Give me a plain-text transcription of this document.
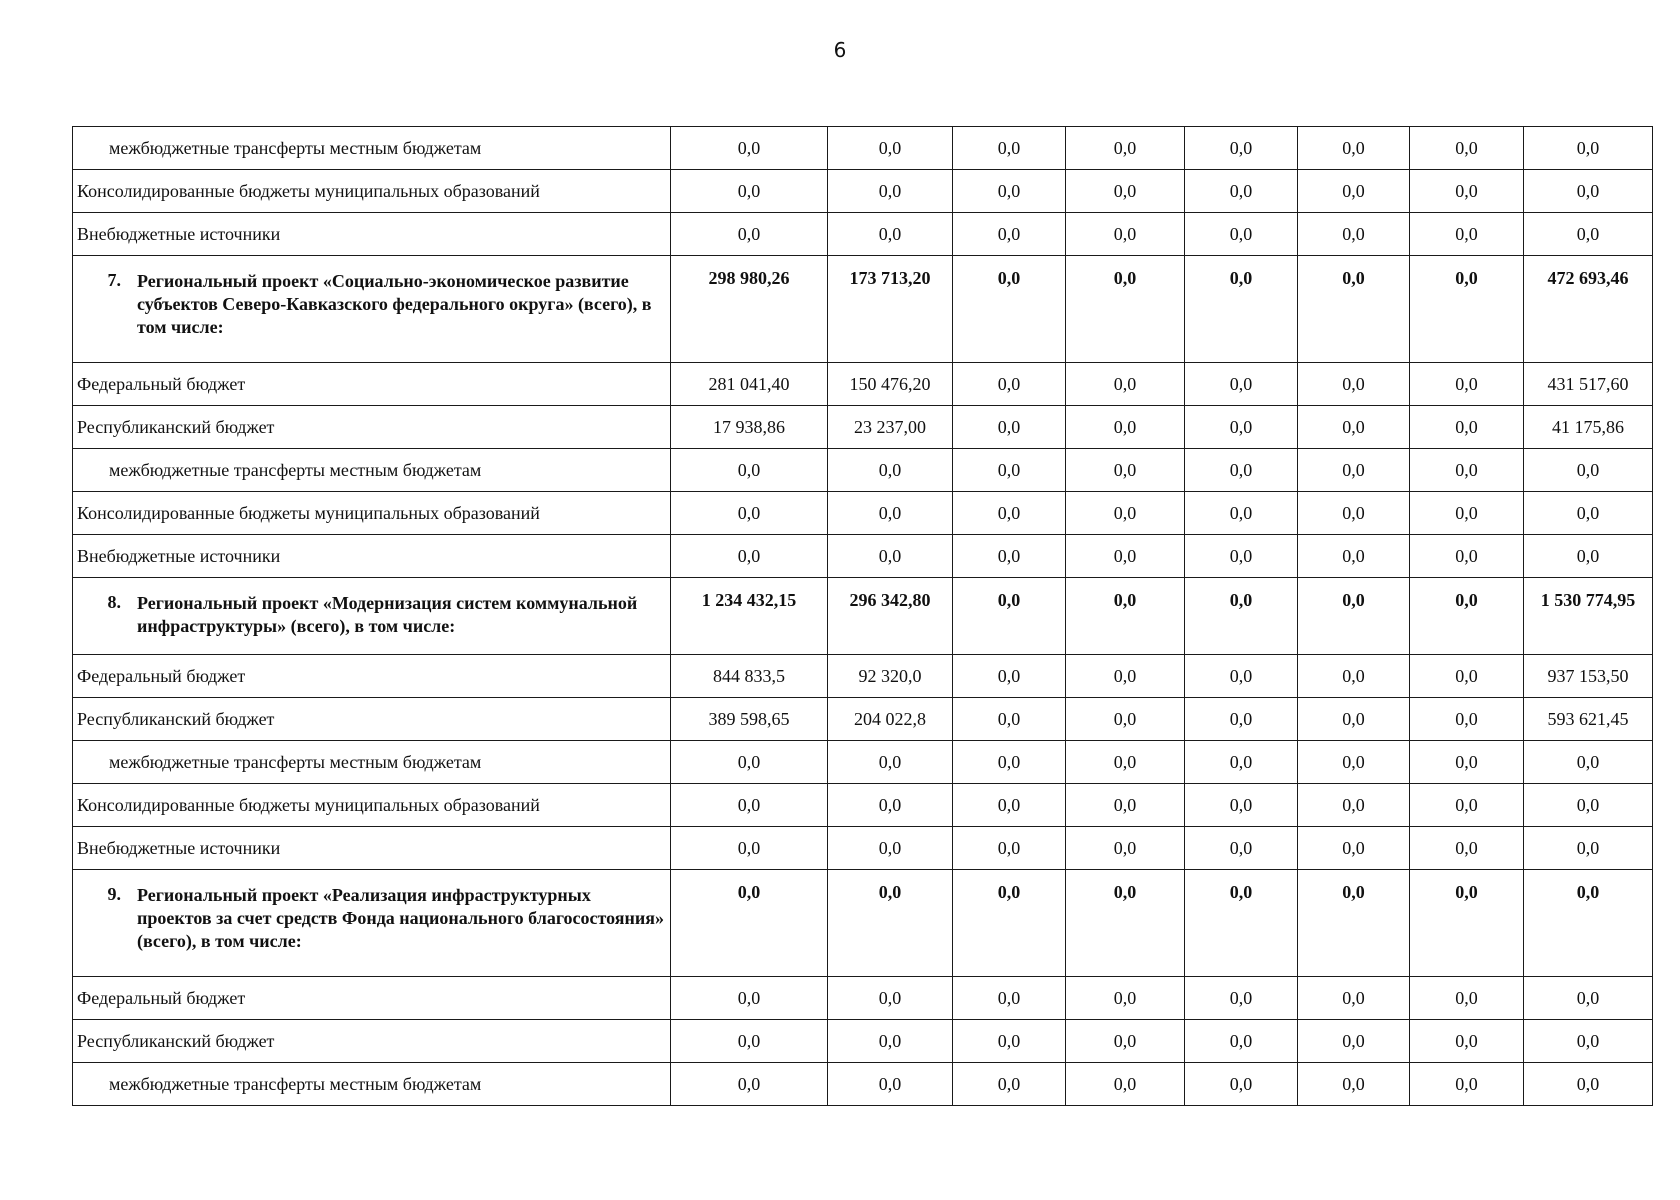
6
межбюджетные трансферты местным бюджетам	0,0	0,0	0,0	0,0	0,0	0,0	0,0	0,0
Консолидированные бюджеты муниципальных образований	0,0	0,0	0,0	0,0	0,0	0,0	0,0	0,0
Внебюджетные источники	0,0	0,0	0,0	0,0	0,0	0,0	0,0	0,0

7. Региональный проект «Социально-экономическое развитие субъектов Северо-Кавказского федерального округа» (всего), в том числе:	298 980,26	173 713,20	0,0	0,0	0,0	0,0	0,0	472 693,46
Федеральный бюджет	281 041,40	150 476,20	0,0	0,0	0,0	0,0	0,0	431 517,60
Республиканский бюджет	17 938,86	23 237,00	0,0	0,0	0,0	0,0	0,0	41 175,86
межбюджетные трансферты местным бюджетам	0,0	0,0	0,0	0,0	0,0	0,0	0,0	0,0
Консолидированные бюджеты муниципальных образований	0,0	0,0	0,0	0,0	0,0	0,0	0,0	0,0
Внебюджетные источники	0,0	0,0	0,0	0,0	0,0	0,0	0,0	0,0

8. Региональный проект «Модернизация систем коммунальной инфраструктуры» (всего), в том числе:	1 234 432,15	296 342,80	0,0	0,0	0,0	0,0	0,0	1 530 774,95
Федеральный бюджет	844 833,5	92 320,0	0,0	0,0	0,0	0,0	0,0	937 153,50
Республиканский бюджет	389 598,65	204 022,8	0,0	0,0	0,0	0,0	0,0	593 621,45
межбюджетные трансферты местным бюджетам	0,0	0,0	0,0	0,0	0,0	0,0	0,0	0,0
Консолидированные бюджеты муниципальных образований	0,0	0,0	0,0	0,0	0,0	0,0	0,0	0,0
Внебюджетные источники	0,0	0,0	0,0	0,0	0,0	0,0	0,0	0,0

9. Региональный проект «Реализация инфраструктурных проектов за счет средств Фонда национального благосостояния» (всего), в том числе:	0,0	0,0	0,0	0,0	0,0	0,0	0,0	0,0
Федеральный бюджет	0,0	0,0	0,0	0,0	0,0	0,0	0,0	0,0
Республиканский бюджет	0,0	0,0	0,0	0,0	0,0	0,0	0,0	0,0
межбюджетные трансферты местным бюджетам	0,0	0,0	0,0	0,0	0,0	0,0	0,0	0,0
